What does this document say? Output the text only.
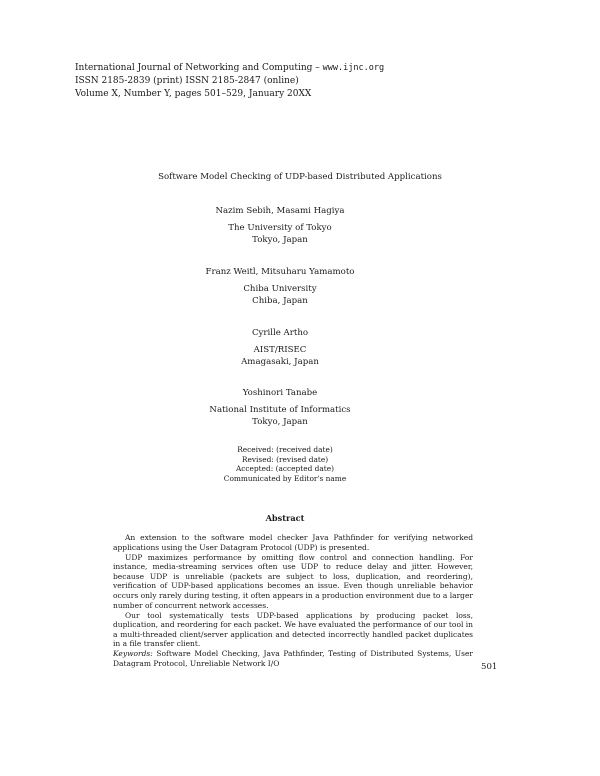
International Journal of Networking and Computing – www.ijnc.org
ISSN 2185-2839 (print) ISSN 2185-2847 (online)
Volume X, Number Y, pages 501–529, January 20XX
Software Model Checking of UDP-based Distributed Applications
Nazim Sebih, Masami Hagiya
The University of Tokyo
Tokyo, Japan
Franz Weitl, Mitsuharu Yamamoto
Chiba University
Chiba, Japan
Cyrille Artho
AIST/RISEC
Amagasaki, Japan
Yoshinori Tanabe
National Institute of Informatics
Tokyo, Japan
Received: (received date)
Revised: (revised date)
Accepted: (accepted date)
Communicated by Editor's name
Abstract

An extension to the software model checker Java Pathfinder for verifying networked applications using the User Datagram Protocol (UDP) is presented.

UDP maximizes performance by omitting flow control and connection handling. For instance, media-streaming services often use UDP to reduce delay and jitter. However, because UDP is unreliable (packets are subject to loss, duplication, and reordering), verification of UDP-based applications becomes an issue. Even though unreliable behavior occurs only rarely during testing, it often appears in a production environment due to a larger number of concurrent network accesses.

Our tool systematically tests UDP-based applications by producing packet loss, duplication, and reordering for each packet. We have evaluated the performance of our tool in a multi-threaded client/server application and detected incorrectly handled packet duplicates in a file transfer client.

Keywords: Software Model Checking, Java Pathfinder, Testing of Distributed Systems, User Datagram Protocol, Unreliable Network I/O	501
